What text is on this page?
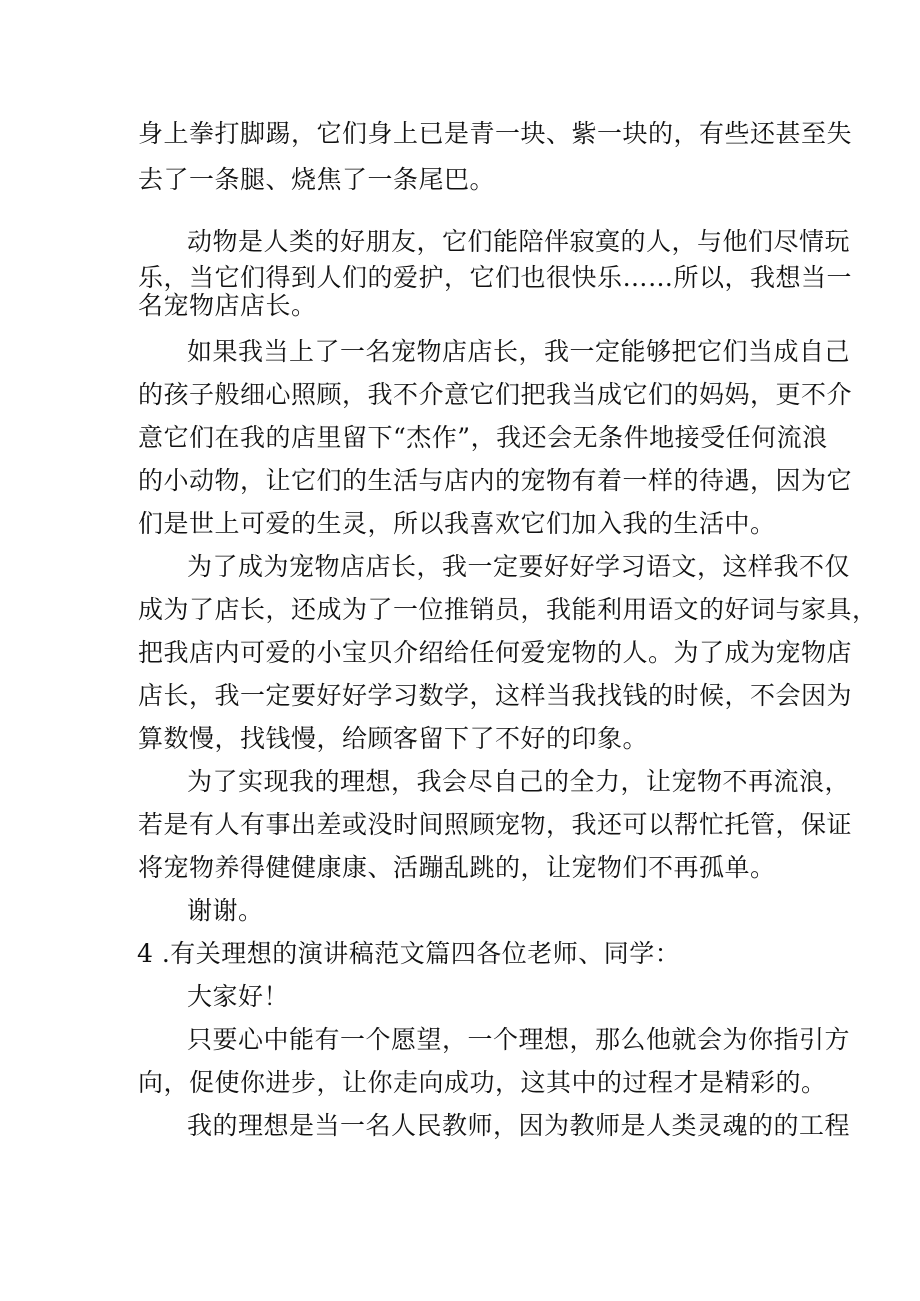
身上拳打脚踢，它们身上已是青一块、紫一块的，有些还甚至失
去了一条腿、烧焦了一条尾巴。
动物是人类的好朋友，它们能陪伴寂寞的人，与他们尽情玩
乐，当它们得到人们的爱护，它们也很快乐……所以，我想当一
名宠物店店长。
如果我当上了一名宠物店店长，我一定能够把它们当成自己
的孩子般细心照顾，我不介意它们把我当成它们的妈妈，更不介
意它们在我的店里留下“杰作”，我还会无条件地接受任何流浪
的小动物，让它们的生活与店内的宠物有着一样的待遇，因为它
们是世上可爱的生灵，所以我喜欢它们加入我的生活中。
为了成为宠物店店长，我一定要好好学习语文，这样我不仅
成为了店长，还成为了一位推销员，我能利用语文的好词与家具，
把我店内可爱的小宝贝介绍给任何爱宠物的人。为了成为宠物店
店长，我一定要好好学习数学，这样当我找钱的时候，不会因为
算数慢，找钱慢，给顾客留下了不好的印象。
为了实现我的理想，我会尽自己的全力，让宠物不再流浪，
若是有人有事出差或没时间照顾宠物，我还可以帮忙托管，保证
将宠物养得健健康康、活蹦乱跳的，让宠物们不再孤单。
谢谢。
4 .有关理想的演讲稿范文篇四各位老师、同学：
大家好！
只要心中能有一个愿望，一个理想，那么他就会为你指引方
向，促使你进步，让你走向成功，这其中的过程才是精彩的。
我的理想是当一名人民教师，因为教师是人类灵魂的的工程
